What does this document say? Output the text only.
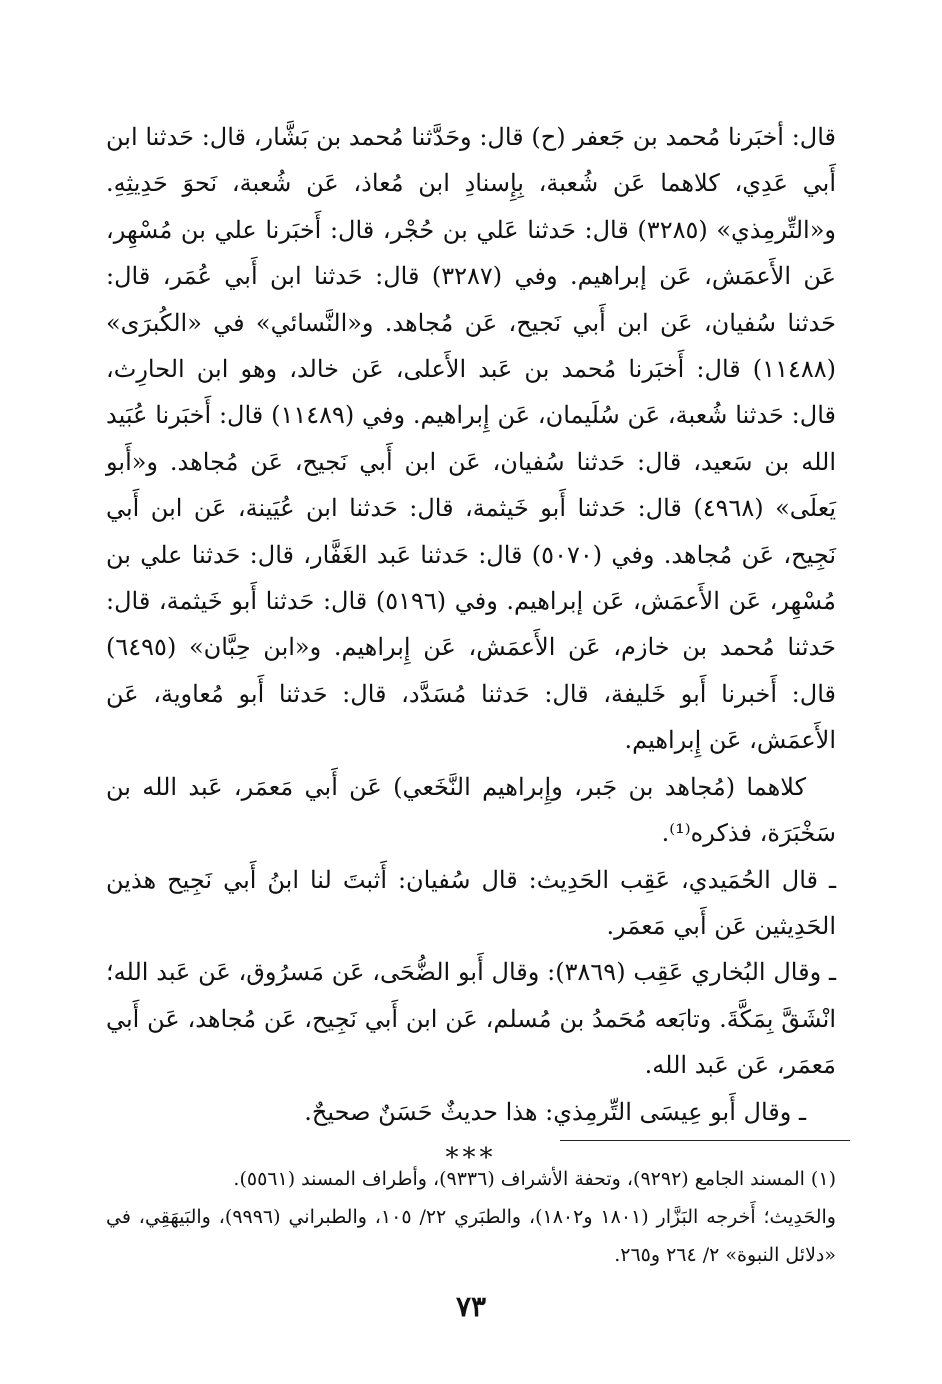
قال: أخبَرنا مُحمد بن جَعفر (ح) قال: وحَدَّثنا مُحمد بن بَشَّار، قال: حَدثنا ابن أَبي عَدِي، كلاهما عَن شُعبة، بِإِسنادِ ابن مُعاذ، عَن شُعبة، نَحوَ حَدِيثِهِ. و«التِّرمِذي» (٣٢٨٥) قال: حَدثنا عَلي بن حُجْر، قال: أَخبَرنا علي بن مُسْهِر، عَن الأَعمَش، عَن إبراهيم. وفي (٣٢٨٧) قال: حَدثنا ابن أَبي عُمَر، قال: حَدثنا سُفيان، عَن ابن أَبي نَجيح، عَن مُجاهد. و«النَّسائي» في «الكُبرَى» (١١٤٨٨) قال: أَخبَرنا مُحمد بن عَبد الأَعلى، عَن خالد، وهو ابن الحارِث، قال: حَدثنا شُعبة، عَن سُلَيمان، عَن إِبراهيم. وفي (١١٤٨٩) قال: أَخبَرنا عُبَيد الله بن سَعيد، قال: حَدثنا سُفيان، عَن ابن أَبي نَجيح، عَن مُجاهد. و«أَبو يَعلَى» (٤٩٦٨) قال: حَدثنا أَبو خَيثمة، قال: حَدثنا ابن عُيَينة، عَن ابن أَبي نَجِيح، عَن مُجاهد. وفي (٥٠٧٠) قال: حَدثنا عَبد الغَفَّار، قال: حَدثنا علي بن مُسْهِر، عَن الأَعمَش، عَن إبراهيم. وفي (٥١٩٦) قال: حَدثنا أَبو خَيثمة، قال: حَدثنا مُحمد بن خازم، عَن الأَعمَش، عَن إِبراهيم. و«ابن حِبَّان» (٦٤٩٥) قال: أَخبرنا أَبو خَليفة، قال: حَدثنا مُسَدَّد، قال: حَدثنا أَبو مُعاوية، عَن الأَعمَش، عَن إِبراهيم.

كلاهما (مُجاهد بن جَبر، وإِبراهيم النَّخَعي) عَن أَبي مَعمَر، عَبد الله بن سَخْبَرَة، فذكره⁽¹⁾.

ـ قال الحُمَيدي، عَقِب الحَدِيث: قال سُفيان: أَثبتَ لنا ابنُ أَبي نَجِيح هذين الحَدِيثين عَن أَبي مَعمَر.

ـ وقال البُخاري عَقِب (٣٨٦٩): وقال أَبو الضُّحَى، عَن مَسرُوق، عَن عَبد الله؛ انْشَقَّ بِمَكَّةَ. وتابَعه مُحَمدُ بن مُسلم، عَن ابن أَبي نَجِيح، عَن مُجاهد، عَن أَبي مَعمَر، عَن عَبد الله.

ـ وقال أَبو عِيسَى التِّرمِذي: هذا حديثٌ حَسَنٌ صحيحٌ.

***

(١) المسند الجامع (٩٢٩٢)، وتحفة الأشراف (٩٣٣٦)، وأطراف المسند (٥٥٦١).

والحَدِيث؛ أَخرجه البَزَّار (١٨٠١ و١٨٠٢)، والطبَري ٢٢/ ١٠٥، والطبراني (٩٩٩٦)، والبَيهَقِي، في «دلائل النبوة» ٢/ ٢٦٤ و٢٦٥.

٧٣
